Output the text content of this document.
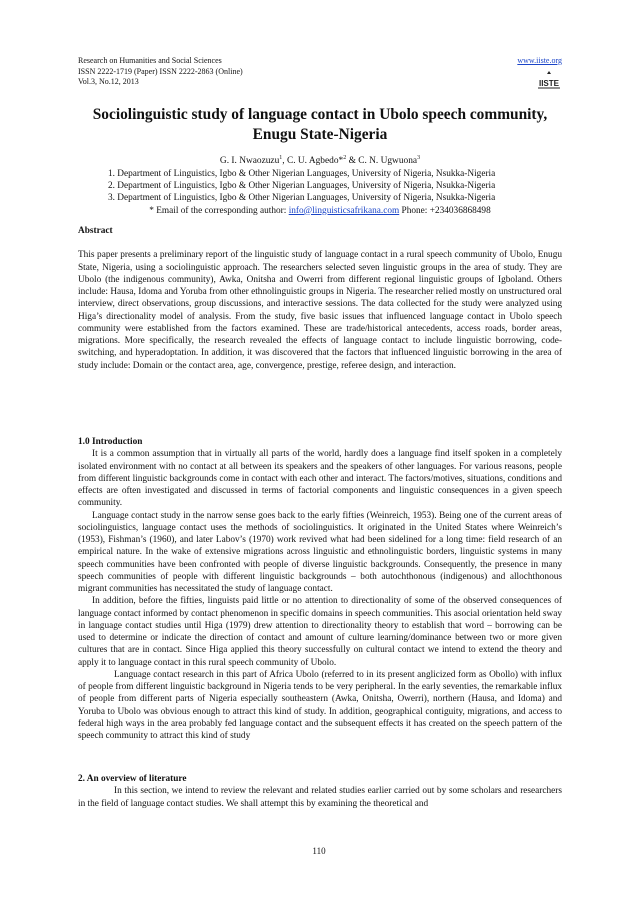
Research on Humanities and Social Sciences
ISSN 2222-1719 (Paper) ISSN 2222-2863 (Online)
Vol.3, No.12, 2013
www.iiste.org
IISTE
Sociolinguistic study of language contact in Ubolo speech community, Enugu State-Nigeria
G. I. Nwaozuzu$^1$, C. U. Agbedo*$^2$ & C. N. Ugwuona$^3$
1. Department of Linguistics, Igbo & Other Nigerian Languages, University of Nigeria, Nsukka-Nigeria
2. Department of Linguistics, Igbo & Other Nigerian Languages, University of Nigeria, Nsukka-Nigeria
3. Department of Linguistics, Igbo & Other Nigerian Languages, University of Nigeria, Nsukka-Nigeria
* Email of the corresponding author: info@linguisticsafrikana.com Phone: +234036868498
Abstract

This paper presents a preliminary report of the linguistic study of language contact in a rural speech community of Ubolo, Enugu State, Nigeria, using a sociolinguistic approach. The researchers selected seven linguistic groups in the area of study. They are Ubolo (the indigenous community), Awka, Onitsha and Owerri from different regional linguistic groups of Igboland. Others include: Hausa, Idoma and Yoruba from other ethnolinguistic groups in Nigeria. The researcher relied mostly on unstructured oral interview, direct observations, group discussions, and interactive sessions. The data collected for the study were analyzed using Higa’s directionality model of analysis. From the study, five basic issues that influenced language contact in Ubolo speech community were established from the factors examined. These are trade/historical antecedents, access roads, border areas, migrations. More specifically, the research revealed the effects of language contact to include linguistic borrowing, code-switching, and hyperadoptation. In addition, it was discovered that the factors that influenced linguistic borrowing in the area of study include: Domain or the contact area, age, convergence, prestige, referee design, and interaction.

1.0 Introduction

It is a common assumption that in virtually all parts of the world, hardly does a language find itself spoken in a completely isolated environment with no contact at all between its speakers and the speakers of other languages. For various reasons, people from different linguistic backgrounds come in contact with each other and interact. The factors/motives, situations, conditions and effects are often investigated and discussed in terms of factorial components and linguistic consequences in a given speech community.

Language contact study in the narrow sense goes back to the early fifties (Weinreich, 1953). Being one of the current areas of sociolinguistics, language contact uses the methods of sociolinguistics. It originated in the United States where Weinreich’s (1953), Fishman’s (1960), and later Labov’s (1970) work revived what had been sidelined for a long time: field research of an empirical nature. In the wake of extensive migrations across linguistic and ethnolinguistic borders, linguistic systems in many speech communities have been confronted with people of diverse linguistic backgrounds. Consequently, the presence in many speech communities of people with different linguistic backgrounds – both autochthonous (indigenous) and allochthonous migrant communities has necessitated the study of language contact.

In addition, before the fifties, linguists paid little or no attention to directionality of some of the observed consequences of language contact informed by contact phenomenon in specific domains in speech communities. This asocial orientation held sway in language contact studies until Higa (1979) drew attention to directionality theory to establish that word – borrowing can be used to determine or indicate the direction of contact and amount of culture learning/dominance between two or more given cultures that are in contact. Since Higa applied this theory successfully on cultural contact we intend to extend the theory and apply it to language contact in this rural speech community of Ubolo.

Language contact research in this part of Africa Ubolo (referred to in its present anglicized form as Obollo) with influx of people from different linguistic background in Nigeria tends to be very peripheral. In the early seventies, the remarkable influx of people from different parts of Nigeria especially southeastern (Awka, Onitsha, Owerri), northern (Hausa, and Idoma) and Yoruba to Ubolo was obvious enough to attract this kind of study. In addition, geographical contiguity, migrations, and access to federal high ways in the area probably fed language contact and the subsequent effects it has created on the speech pattern of the speech community to attract this kind of study

2. An overview of literature

In this section, we intend to review the relevant and related studies earlier carried out by some scholars and researchers in the field of language contact studies. We shall attempt this by examining the theoretical and

110
